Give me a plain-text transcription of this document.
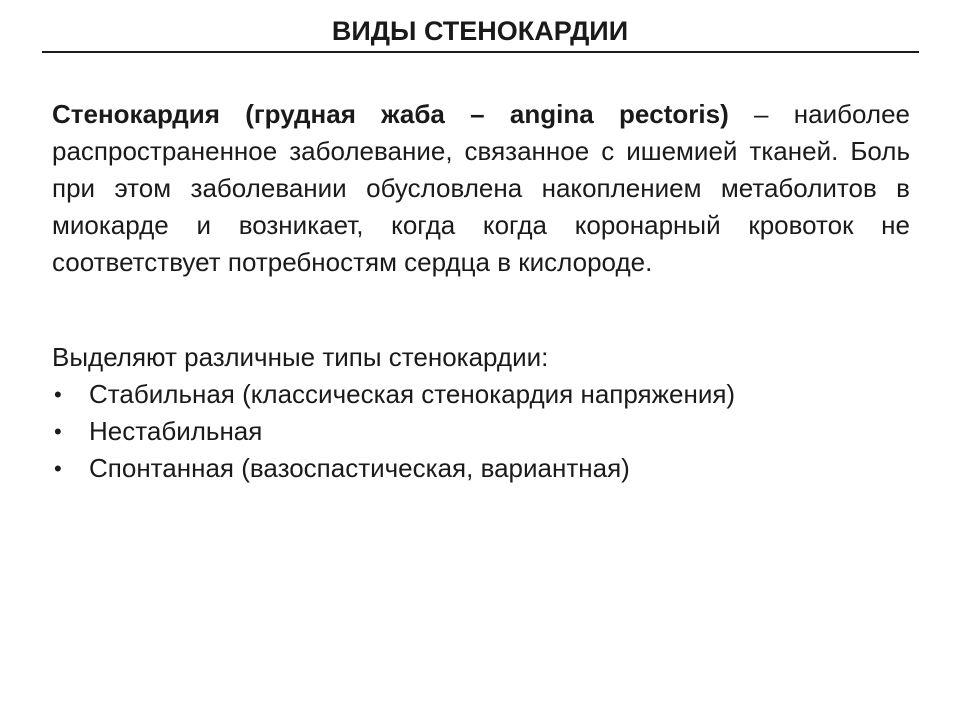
ВИДЫ СТЕНОКАРДИИ

Стенокардия (грудная жаба – angina pectoris) – наиболее распространенное заболевание, связанное с ишемией тканей. Боль при этом заболевании обусловлена накоплением метаболитов в миокарде и возникает, когда когда коронарный кровоток не соответствует потребностям сердца в кислороде.

Выделяют различные типы стенокардии:
• Стабильная (классическая стенокардия напряжения)
• Нестабильная
• Спонтанная (вазоспастическая, вариантная)
